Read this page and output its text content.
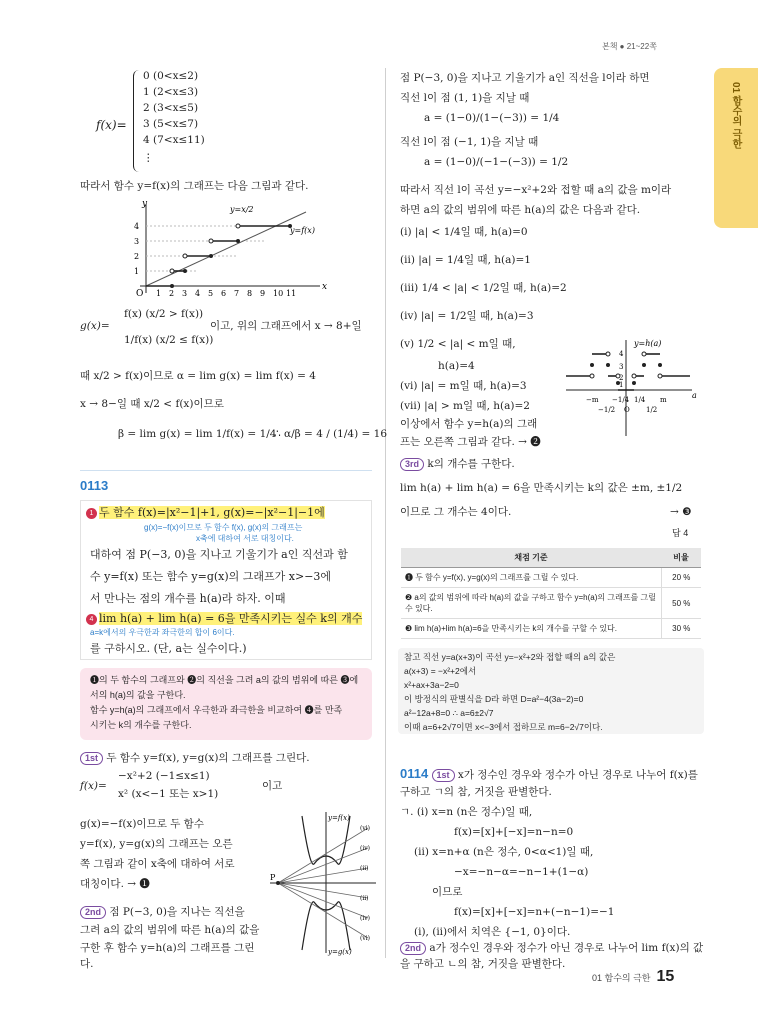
본책 ● 21~22쪽
01 함수의 극한
f(x)=
0 (0<x≤2)
1 (2<x≤3)
2 (3<x≤5)
3 (5<x≤7)
4 (7<x≤11)
⋮
따라서 함수 y=f(x)의 그래프는 다음 그림과 같다.
4
3
2
1
O 1 2 3 4 5 6 7 8 9 10 11
x
y
y=x/2
y=f(x)
g(x)=
f(x) (x/2 > f(x))
1/f(x) (x/2 ≤ f(x))
이고, 위의 그래프에서 x → 8+일
때 x/2 > f(x)이므로 α = lim g(x) = lim f(x) = 4
x → 8−일 때 x/2 < f(x)이므로
β = lim g(x) = lim 1/f(x) = 1/4
∴ α/β = 4 / (1/4) = 16
0113
1 두 함수 f(x)=|x²−1|+1, g(x)=−|x²−1|−1에
g(x)=−f(x)이므로 두 함수 f(x), g(x)의 그래프는
x축에 대하여 서로 대칭이다.
대하여 점 P(−3, 0)을 지나고 기울기가 a인 직선과 함
수 y=f(x) 또는 함수 y=g(x)의 그래프가 x>−3에
서 만나는 점의 개수를 h(a)라 하자. 이때
4 lim h(a) + lim h(a) = 6을 만족시키는 실수 k의 개수
a=k에서의 우극한과 좌극한의 합이 6이다.
를 구하시오. (단, a는 실수이다.)
❶의 두 함수의 그래프와 ❷의 직선을 그려 a의 값의 범위에 따른 ❸에
서의 h(a)의 값을 구한다.
함수 y=h(a)의 그래프에서 우극한과 좌극한을 비교하여 ❹를 만족
시키는 k의 개수를 구한다.
1st 두 함수 y=f(x), y=g(x)의 그래프를 그린다.
f(x)=
−x²+2 (−1≤x≤1)
x² (x<−1 또는 x>1)
이고
g(x)=−f(x)이므로 두 함수
y=f(x), y=g(x)의 그래프는 오른
쪽 그림과 같이 x축에 대하여 서로
대칭이다. → ❶
2nd 점 P(−3, 0)을 지나는 직선을
그려 a의 값의 범위에 따른 h(a)의 값을
구한 후 함수 y=h(a)의 그래프를 그린
다.
P
y=f(x)
y=g(x)
(vi)
(iv)
(ii)
(ii)
(iv)
(vi)
점 P(−3, 0)을 지나고 기울기가 a인 직선을 l이라 하면
직선 l이 점 (1, 1)을 지날 때
a = (1−0)/(1−(−3)) = 1/4
직선 l이 점 (−1, 1)을 지날 때
a = (1−0)/(−1−(−3)) = 1/2
따라서 직선 l이 곡선 y=−x²+2와 접할 때 a의 값을 m이라
하면 a의 값의 범위에 따른 h(a)의 값은 다음과 같다.
(i) |a| < 1/4일 때, h(a)=0
(ii) |a| = 1/4일 때, h(a)=1
(iii) 1/4 < |a| < 1/2일 때, h(a)=2
(iv) |a| = 1/2일 때, h(a)=3
(v) 1/2 < |a| < m일 때,
h(a)=4
(vi) |a| = m일 때, h(a)=3
(vii) |a| > m일 때, h(a)=2
이상에서 함수 y=h(a)의 그래
프는 오른쪽 그림과 같다. → ❷
y=h(a)
4
3
2
1
−m
−1/2
−1/4
O
1/4
1/2
m	a
3rd k의 개수를 구한다.
lim h(a) + lim h(a) = 6을 만족시키는 k의 값은 ±m, ±1/2
이므로 그 개수는 4이다.	→ ❸
답 4
채점 기준	비율
❶ 두 함수 y=f(x), y=g(x)의 그래프를 그릴 수 있다.	20 %
❷ a의 값의 범위에 따라 h(a)의 값을 구하고 함수 y=h(a)의 그래프를 그릴 수 있다.	50 %
❸ lim h(a)+lim h(a)=6을 만족시키는 k의 개수를 구할 수 있다.	30 %
참고 직선 y=a(x+3)이 곡선 y=−x²+2와 접할 때의 a의 값은
a(x+3) = −x²+2에서
x²+ax+3a−2=0
이 방정식의 판별식을 D라 하면 D=a²−4(3a−2)=0
a²−12a+8=0 ∴ a=6±2√7
이때 a=6+2√7이면 x<−3에서 접하므로 m=6−2√7이다.
0114 1st x가 정수인 경우와 정수가 아닌 경우로 나누어 f(x)를
구하고 ㄱ의 참, 거짓을 판별한다.
ㄱ. (i) x=n (n은 정수)일 때,
f(x)=[x]+[−x]=n−n=0
(ii) x=n+α (n은 정수, 0<α<1)일 때,
−x=−n−α=−n−1+(1−α)
이므로
f(x)=[x]+[−x]=n+(−n−1)=−1
(i), (ii)에서 치역은 {−1, 0}이다.
2nd a가 정수인 경우와 정수가 아닌 경우로 나누어 lim f(x)의 값
을 구하고 ㄴ의 참, 거짓을 판별한다.
01 함수의 극한 15
